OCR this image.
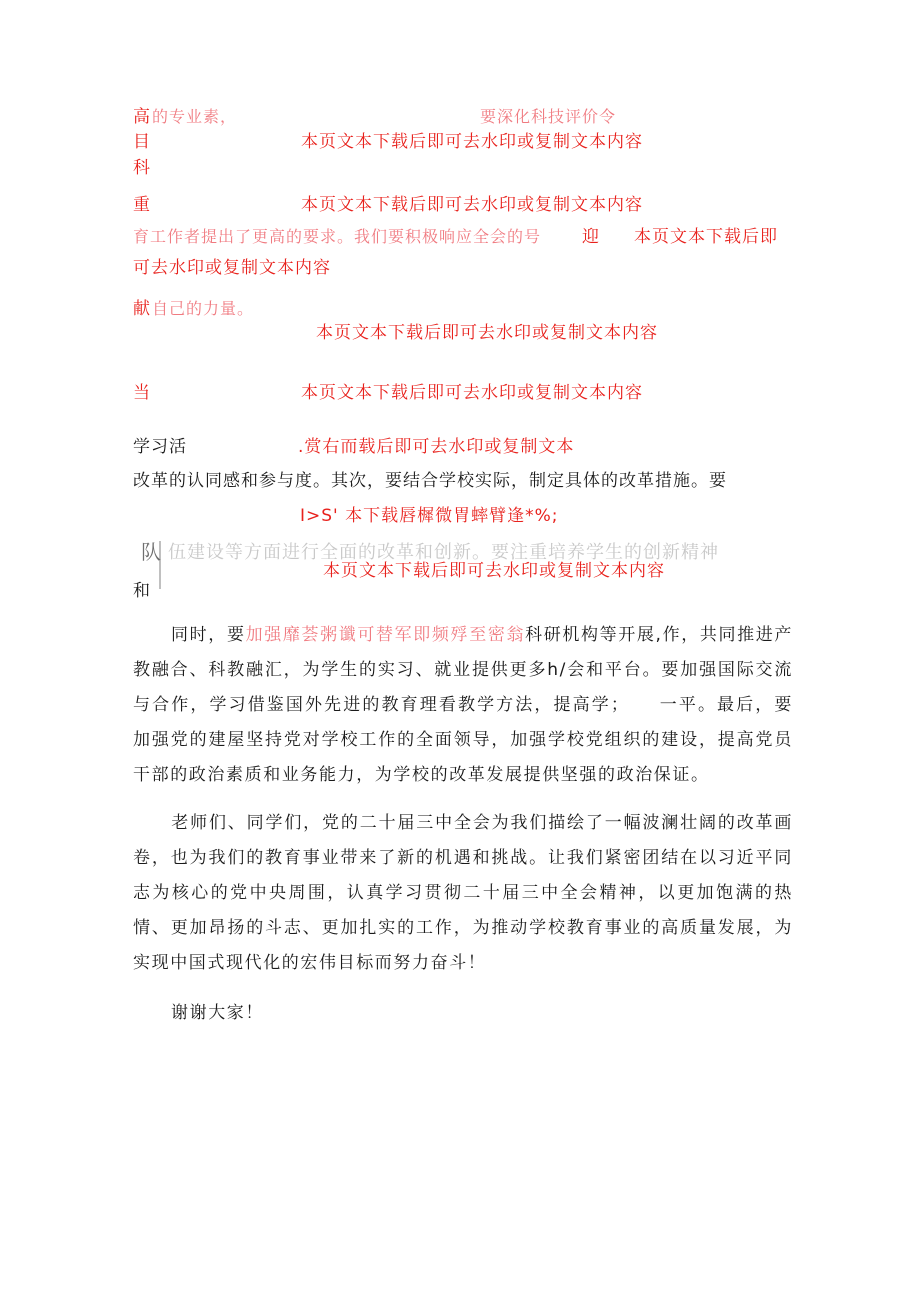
高 的专业素，	要深化科技评价令
目	本页文本下载后即可去水印或复制文本内容
科
重	本页文本下载后即可去水印或复制文本内容
育工作者提出了更高的要求。我们要积极响应全会的号 迎 本页文本下载后即
可去水印或复制文本内容
献 自己的力量。
本页文本下载后即可去水印或复制文本内容
当	本页文本下载后即可去水印或复制文本内容
学习活	.赏右而载后即可去水印或复制文本
改革的认同感和参与度。其次，要结合学校实际，制定具体的改革措施。要
I>S' 本下载唇樨微胃蟀臂逢*%;
队 伍建设等方面进行全面的改革和创新。要注重培养学生的创新精神
本页文本下载后即可去水印或复制文本内容
和
同时，要加强靡荟粥谶可替军即频殍至密翁科研机构等开展,作，共同推进产教融合、科教融汇，为学生的实习、就业提供更多h/会和平台。要加强国际交流与合作，学习借鉴国外先进的教育理看教学方法，提高学；　　一平。最后，要加强党的建屋坚持党对学校工作的全面领导，加强学校党组织的建设，提高党员干部的政治素质和业务能力，为学校的改革发展提供坚强的政治保证。
老师们、同学们，党的二十届三中全会为我们描绘了一幅波澜壮阔的改革画卷，也为我们的教育事业带来了新的机遇和挑战。让我们紧密团结在以习近平同志为核心的党中央周围，认真学习贯彻二十届三中全会精神，以更加饱满的热情、更加昂扬的斗志、更加扎实的工作，为推动学校教育事业的高质量发展，为实现中国式现代化的宏伟目标而努力奋斗！
谢谢大家！
